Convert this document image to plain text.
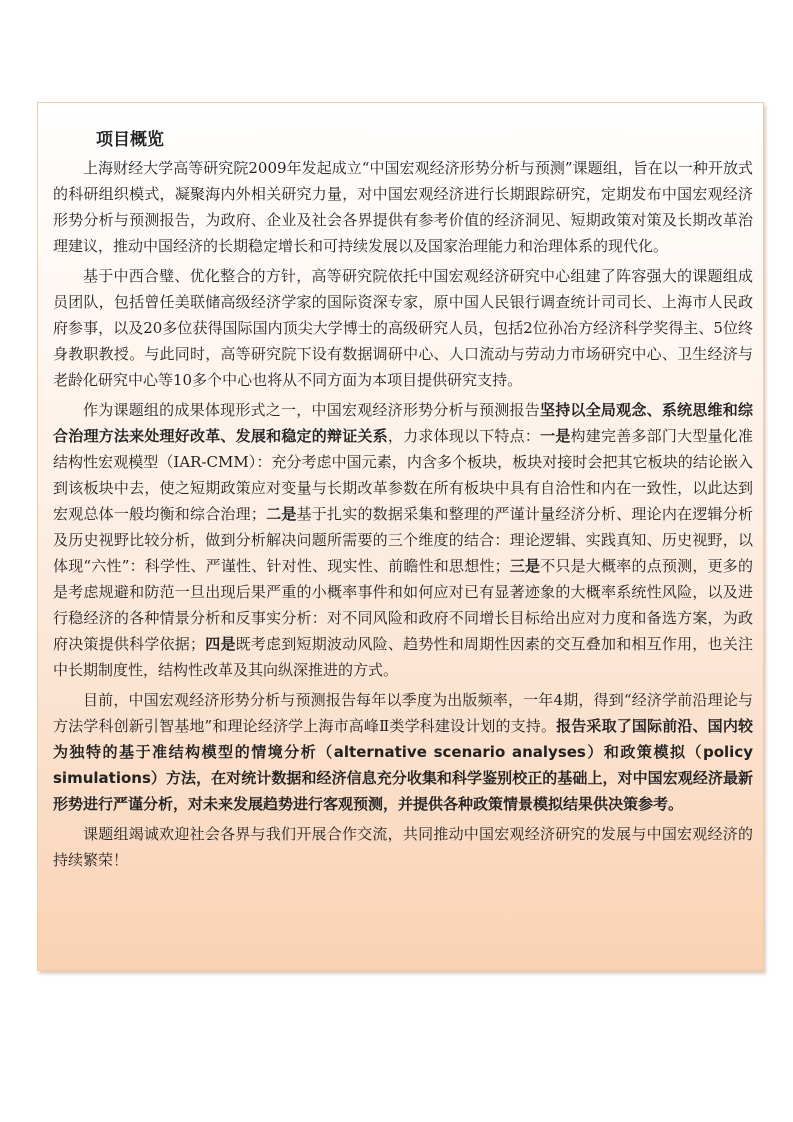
项目概览

上海财经大学高等研究院2009年发起成立“中国宏观经济形势分析与预测”课题组，旨在以一种开放式的科研组织模式，凝聚海内外相关研究力量，对中国宏观经济进行长期跟踪研究，定期发布中国宏观经济形势分析与预测报告，为政府、企业及社会各界提供有参考价值的经济洞见、短期政策对策及长期改革治理建议，推动中国经济的长期稳定增长和可持续发展以及国家治理能力和治理体系的现代化。

基于中西合璧、优化整合的方针，高等研究院依托中国宏观经济研究中心组建了阵容强大的课题组成员团队，包括曾任美联储高级经济学家的国际资深专家，原中国人民银行调查统计司司长、上海市人民政府参事，以及20多位获得国际国内顶尖大学博士的高级研究人员，包括2位孙冶方经济科学奖得主、5位终身教职教授。与此同时，高等研究院下设有数据调研中心、人口流动与劳动力市场研究中心、卫生经济与老龄化研究中心等10多个中心也将从不同方面为本项目提供研究支持。

作为课题组的成果体现形式之一，中国宏观经济形势分析与预测报告坚持以全局观念、系统思维和综合治理方法来处理好改革、发展和稳定的辩证关系，力求体现以下特点：一是构建完善多部门大型量化准结构性宏观模型（IAR-CMM）：充分考虑中国元素，内含多个板块，板块对接时会把其它板块的结论嵌入到该板块中去，使之短期政策应对变量与长期改革参数在所有板块中具有自洽性和内在一致性，以此达到宏观总体一般均衡和综合治理；二是基于扎实的数据采集和整理的严谨计量经济分析、理论内在逻辑分析及历史视野比较分析，做到分析解决问题所需要的三个维度的结合：理论逻辑、实践真知、历史视野，以体现“六性”：科学性、严谨性、针对性、现实性、前瞻性和思想性；三是不只是大概率的点预测，更多的是考虑规避和防范一旦出现后果严重的小概率事件和如何应对已有显著迹象的大概率系统性风险，以及进行稳经济的各种情景分析和反事实分析：对不同风险和政府不同增长目标给出应对力度和备选方案，为政府决策提供科学依据；四是既考虑到短期波动风险、趋势性和周期性因素的交互叠加和相互作用，也关注中长期制度性，结构性改革及其向纵深推进的方式。

目前，中国宏观经济形势分析与预测报告每年以季度为出版频率，一年4期，得到“经济学前沿理论与方法学科创新引智基地”和理论经济学上海市高峰Ⅱ类学科建设计划的支持。报告采取了国际前沿、国内较为独特的基于准结构模型的情境分析（alternative scenario analyses）和政策模拟（policy simulations）方法，在对统计数据和经济信息充分收集和科学鉴别校正的基础上，对中国宏观经济最新形势进行严谨分析，对未来发展趋势进行客观预测，并提供各种政策情景模拟结果供决策参考。

课题组竭诚欢迎社会各界与我们开展合作交流，共同推动中国宏观经济研究的发展与中国宏观经济的持续繁荣！
